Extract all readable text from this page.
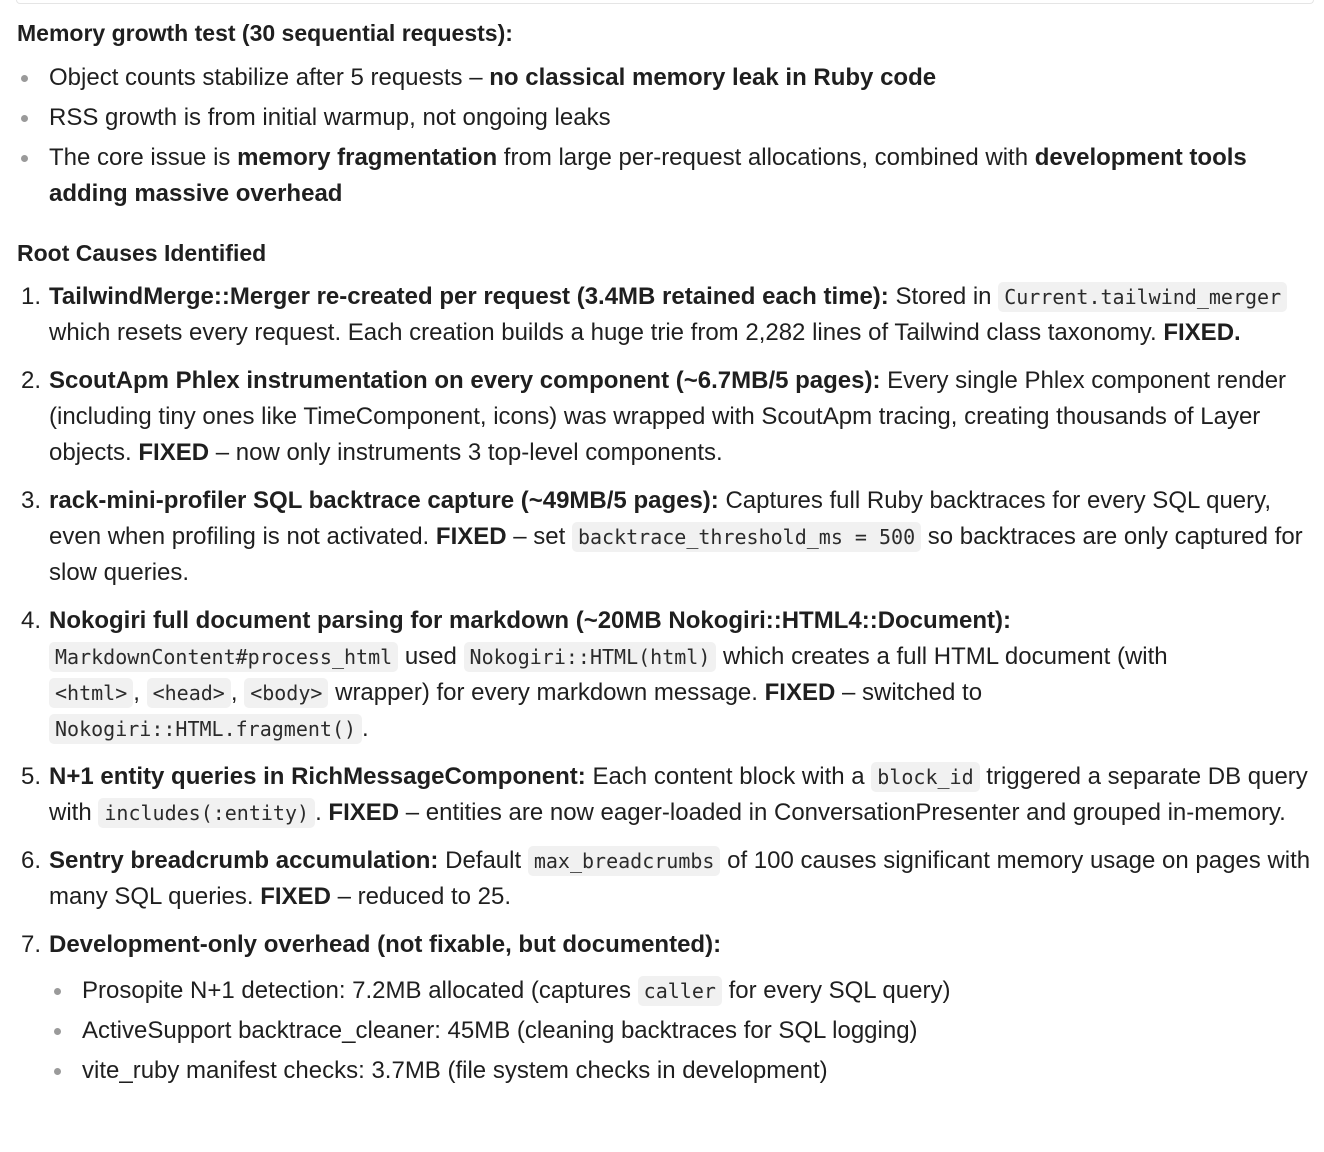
Memory growth test (30 sequential requests):

Object counts stabilize after 5 requests – no classical memory leak in Ruby code
RSS growth is from initial warmup, not ongoing leaks
The core issue is memory fragmentation from large per-request allocations, combined with development tools adding massive overhead

Root Causes Identified

1. TailwindMerge::Merger re-created per request (3.4MB retained each time): Stored in Current.tailwind_merger which resets every request. Each creation builds a huge trie from 2,282 lines of Tailwind class taxonomy. FIXED.
2. ScoutApm Phlex instrumentation on every component (~6.7MB/5 pages): Every single Phlex component render (including tiny ones like TimeComponent, icons) was wrapped with ScoutApm tracing, creating thousands of Layer objects. FIXED – now only instruments 3 top-level components.
3. rack-mini-profiler SQL backtrace capture (~49MB/5 pages): Captures full Ruby backtraces for every SQL query, even when profiling is not activated. FIXED – set backtrace_threshold_ms = 500 so backtraces are only captured for slow queries.
4. Nokogiri full document parsing for markdown (~20MB Nokogiri::HTML4::Document):
MarkdownContent#process_html used Nokogiri::HTML(html) which creates a full HTML document (with
<html> , <head> , <body> wrapper) for every markdown message. FIXED – switched to
Nokogiri::HTML.fragment() .
5. N+1 entity queries in RichMessageComponent: Each content block with a block_id triggered a separate DB query with includes(:entity) . FIXED – entities are now eager-loaded in ConversationPresenter and grouped in-memory.
6. Sentry breadcrumb accumulation: Default max_breadcrumbs of 100 causes significant memory usage on pages with many SQL queries. FIXED – reduced to 25.
7. Development-only overhead (not fixable, but documented):
Prosopite N+1 detection: 7.2MB allocated (captures caller for every SQL query)
ActiveSupport backtrace_cleaner: 45MB (cleaning backtraces for SQL logging)
vite_ruby manifest checks: 3.7MB (file system checks in development)
